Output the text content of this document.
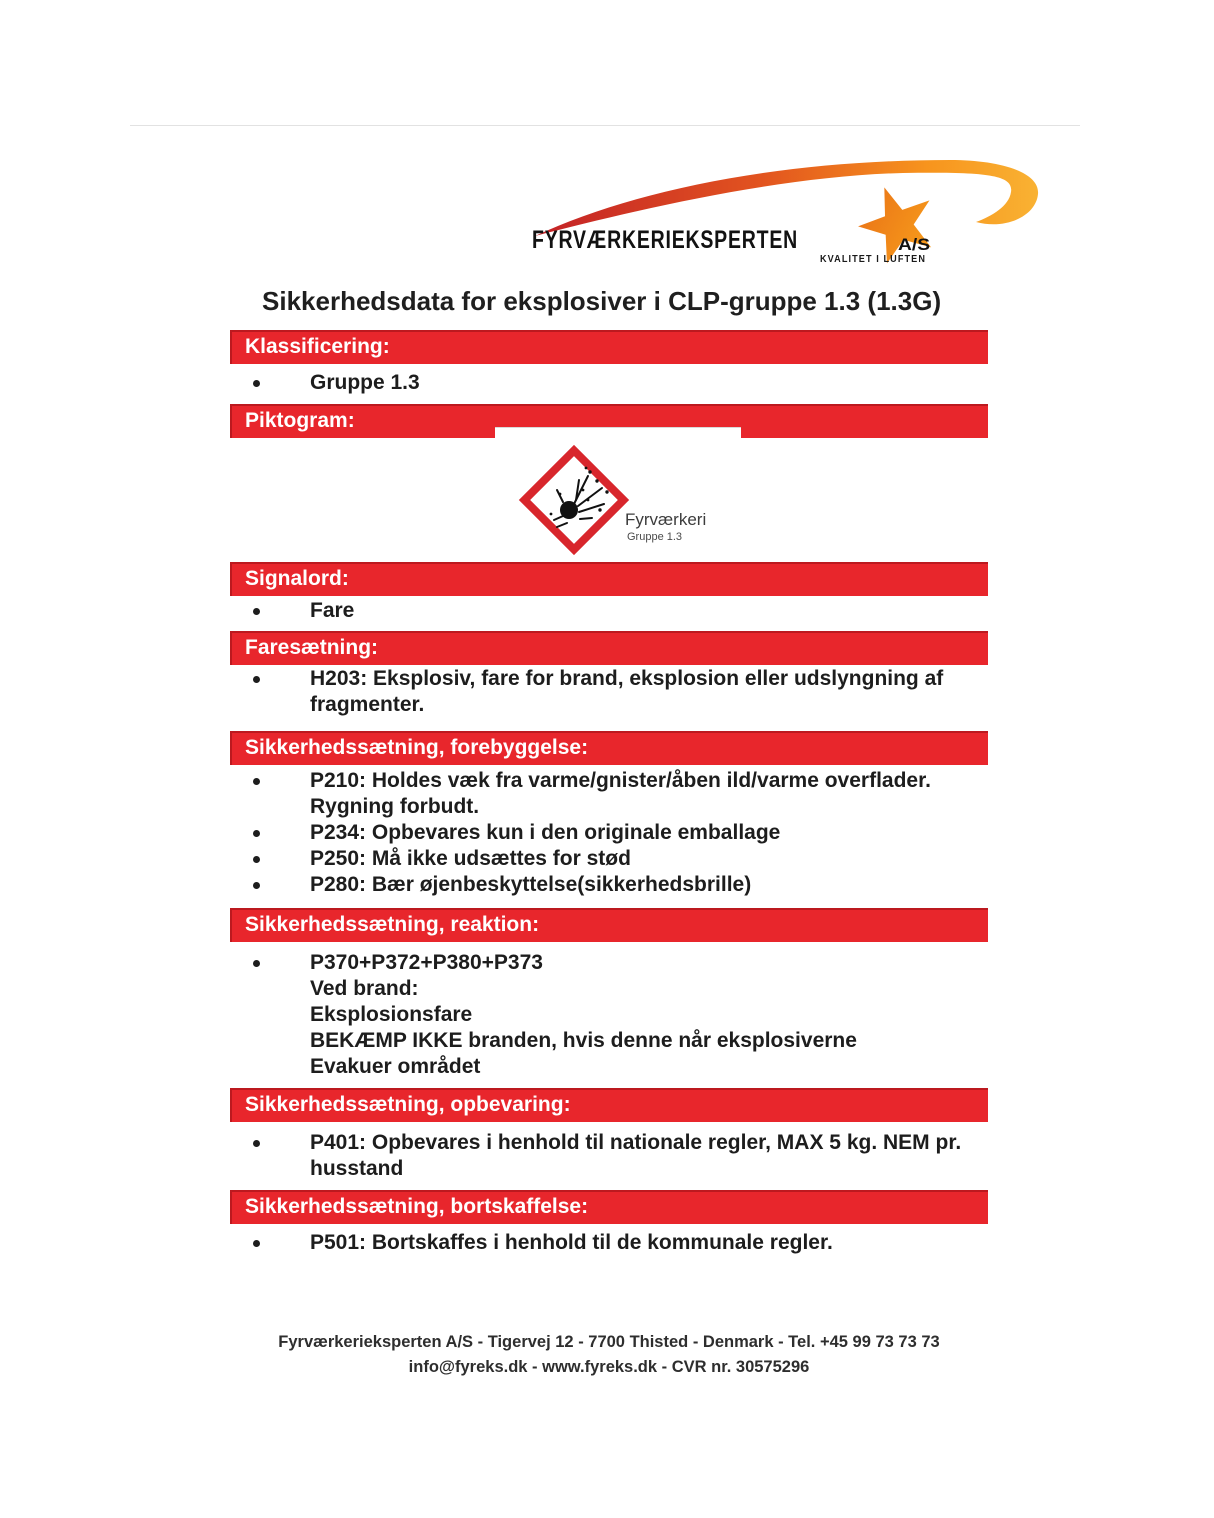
FYRVÆRKERIEKSPERTEN	A/S
KVALITET I LUFTEN
Sikkerhedsdata for eksplosiver i CLP-gruppe 1.3 (1.3G)
Klassificering:
Gruppe 1.3
Piktogram:
Fyrværkeri
Gruppe 1.3
Signalord:
Fare
Faresætning:
H203: Eksplosiv, fare for brand, eksplosion eller udslyngning af fragmenter.
Sikkerhedssætning, forebyggelse:
P210: Holdes væk fra varme/gnister/åben ild/varme overflader. Rygning forbudt.
P234: Opbevares kun i den originale emballage
P250: Må ikke udsættes for stød
P280: Bær øjenbeskyttelse(sikkerhedsbrille)
Sikkerhedssætning, reaktion:
P370+P372+P380+P373
Ved brand:
Eksplosionsfare
BEKÆMP IKKE branden, hvis denne når eksplosiverne
Evakuer området
Sikkerhedssætning, opbevaring:
P401: Opbevares i henhold til nationale regler, MAX 5 kg. NEM pr. husstand
Sikkerhedssætning, bortskaffelse:
P501: Bortskaffes i henhold til de kommunale regler.
Fyrværkerieksperten A/S - Tigervej 12 - 7700 Thisted - Denmark - Tel. +45 99 73 73 73
info@fyreks.dk - www.fyreks.dk - CVR nr. 30575296
